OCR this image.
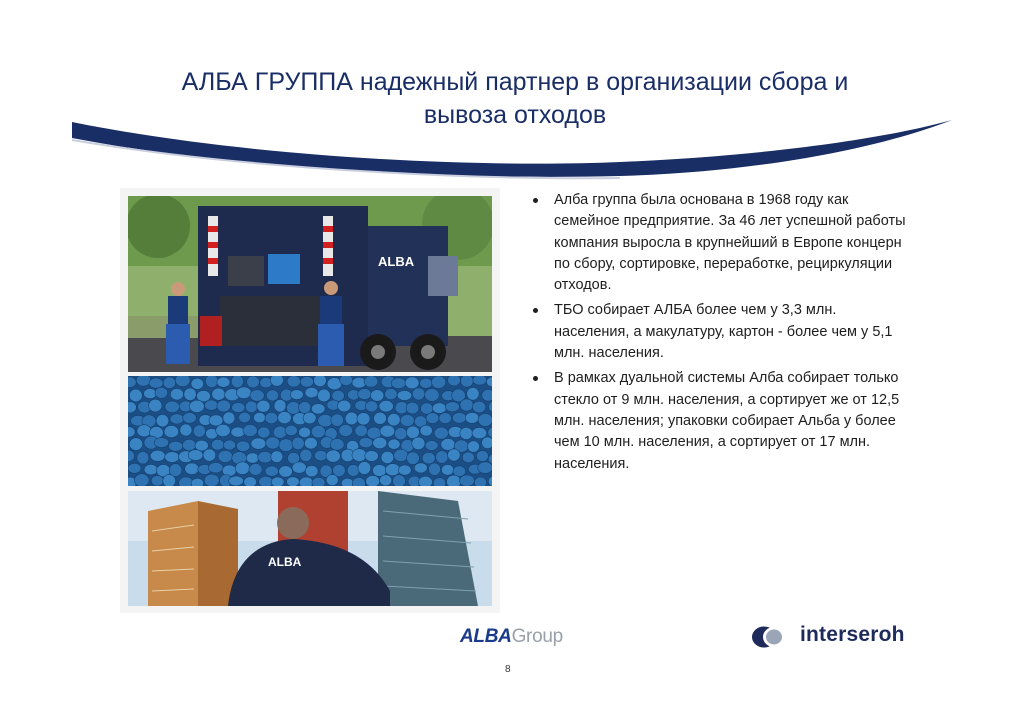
АЛБА ГРУППА надежный партнер в организации сбора и
вывоза отходов
ALBA
ALBA
Алба группа была основана в 1968 году как семейное предприятие. За 46 лет успешной работы компания выросла в крупнейший в Европе концерн по сбору, сортировке, переработке, рециркуляции отходов.
ТБО собирает АЛБА более чем у 3,3 млн. населения, а макулатуру, картон - более чем у 5,1 млн. населения.
В рамках дуальной системы Алба собирает только стекло от 9 млн. населения, а сортирует же от 12,5 млн. населения; упаковки собирает Альба у более чем 10 млн. населения, а сортирует от 17 млн. населения.
ALBAGroup	interseroh
8
